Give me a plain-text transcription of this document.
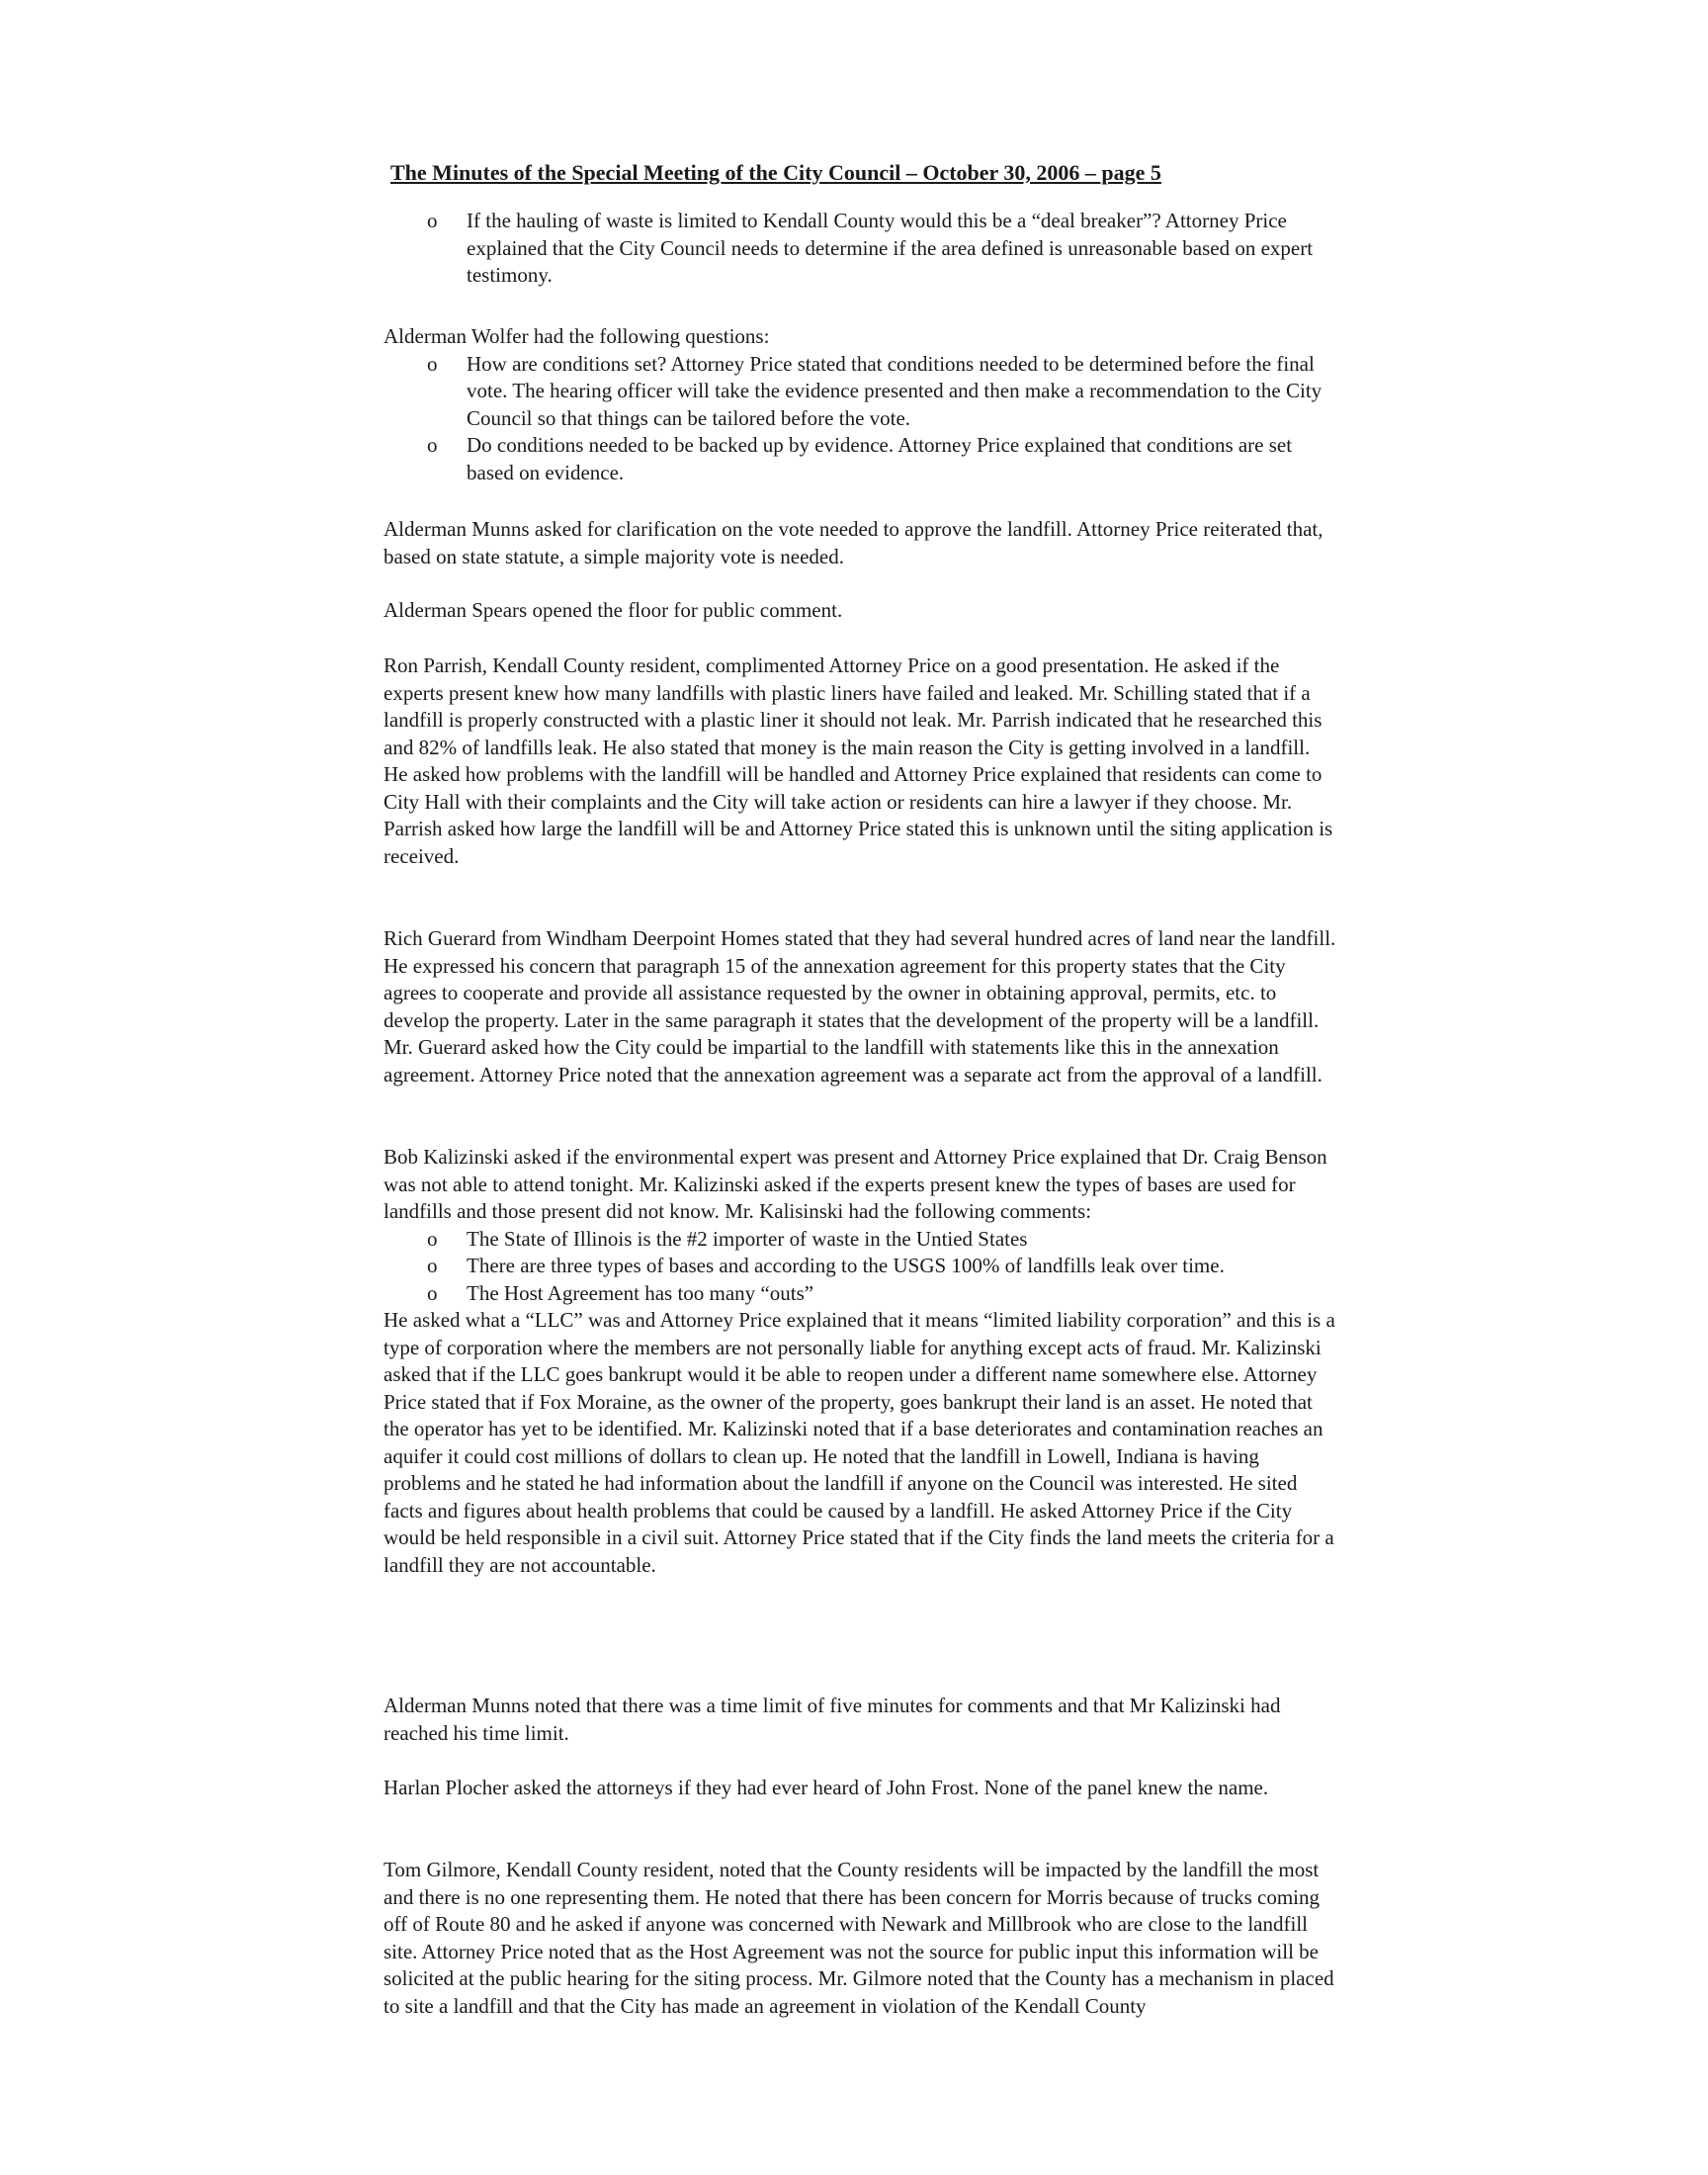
The Minutes of the Special Meeting of the City Council – October 30, 2006 – page 5
o If the hauling of waste is limited to Kendall County would this be a “deal breaker”? Attorney Price explained that the City Council needs to determine if the area defined is unreasonable based on expert testimony.

Alderman Wolfer had the following questions:

o How are conditions set? Attorney Price stated that conditions needed to be determined before the final vote. The hearing officer will take the evidence presented and then make a recommendation to the City Council so that things can be tailored before the vote.
o Do conditions needed to be backed up by evidence. Attorney Price explained that conditions are set based on evidence.

Alderman Munns asked for clarification on the vote needed to approve the landfill. Attorney Price reiterated that, based on state statute, a simple majority vote is needed.

Alderman Spears opened the floor for public comment.

Ron Parrish, Kendall County resident, complimented Attorney Price on a good presentation. He asked if the experts present knew how many landfills with plastic liners have failed and leaked. Mr. Schilling stated that if a landfill is properly constructed with a plastic liner it should not leak. Mr. Parrish indicated that he researched this and 82% of landfills leak. He also stated that money is the main reason the City is getting involved in a landfill. He asked how problems with the landfill will be handled and Attorney Price explained that residents can come to City Hall with their complaints and the City will take action or residents can hire a lawyer if they choose. Mr. Parrish asked how large the landfill will be and Attorney Price stated this is unknown until the siting application is received.

Rich Guerard from Windham Deerpoint Homes stated that they had several hundred acres of land near the landfill. He expressed his concern that paragraph 15 of the annexation agreement for this property states that the City agrees to cooperate and provide all assistance requested by the owner in obtaining approval, permits, etc. to develop the property. Later in the same paragraph it states that the development of the property will be a landfill. Mr. Guerard asked how the City could be impartial to the landfill with statements like this in the annexation agreement. Attorney Price noted that the annexation agreement was a separate act from the approval of a landfill.

Bob Kalizinski asked if the environmental expert was present and Attorney Price explained that Dr. Craig Benson was not able to attend tonight. Mr. Kalizinski asked if the experts present knew the types of bases are used for landfills and those present did not know. Mr. Kalisinski had the following comments:

o The State of Illinois is the #2 importer of waste in the Untied States
o There are three types of bases and according to the USGS 100% of landfills leak over time.
o The Host Agreement has too many “outs”

He asked what a “LLC” was and Attorney Price explained that it means “limited liability corporation” and this is a type of corporation where the members are not personally liable for anything except acts of fraud. Mr. Kalizinski asked that if the LLC goes bankrupt would it be able to reopen under a different name somewhere else. Attorney Price stated that if Fox Moraine, as the owner of the property, goes bankrupt their land is an asset. He noted that the operator has yet to be identified. Mr. Kalizinski noted that if a base deteriorates and contamination reaches an aquifer it could cost millions of dollars to clean up. He noted that the landfill in Lowell, Indiana is having problems and he stated he had information about the landfill if anyone on the Council was interested. He sited facts and figures about health problems that could be caused by a landfill. He asked Attorney Price if the City would be held responsible in a civil suit. Attorney Price stated that if the City finds the land meets the criteria for a landfill they are not accountable.

Alderman Munns noted that there was a time limit of five minutes for comments and that Mr Kalizinski had reached his time limit.

Harlan Plocher asked the attorneys if they had ever heard of John Frost. None of the panel knew the name.

Tom Gilmore, Kendall County resident, noted that the County residents will be impacted by the landfill the most and there is no one representing them. He noted that there has been concern for Morris because of trucks coming off of Route 80 and he asked if anyone was concerned with Newark and Millbrook who are close to the landfill site. Attorney Price noted that as the Host Agreement was not the source for public input this information will be solicited at the public hearing for the siting process. Mr. Gilmore noted that the County has a mechanism in placed to site a landfill and that the City has made an agreement in violation of the Kendall County
